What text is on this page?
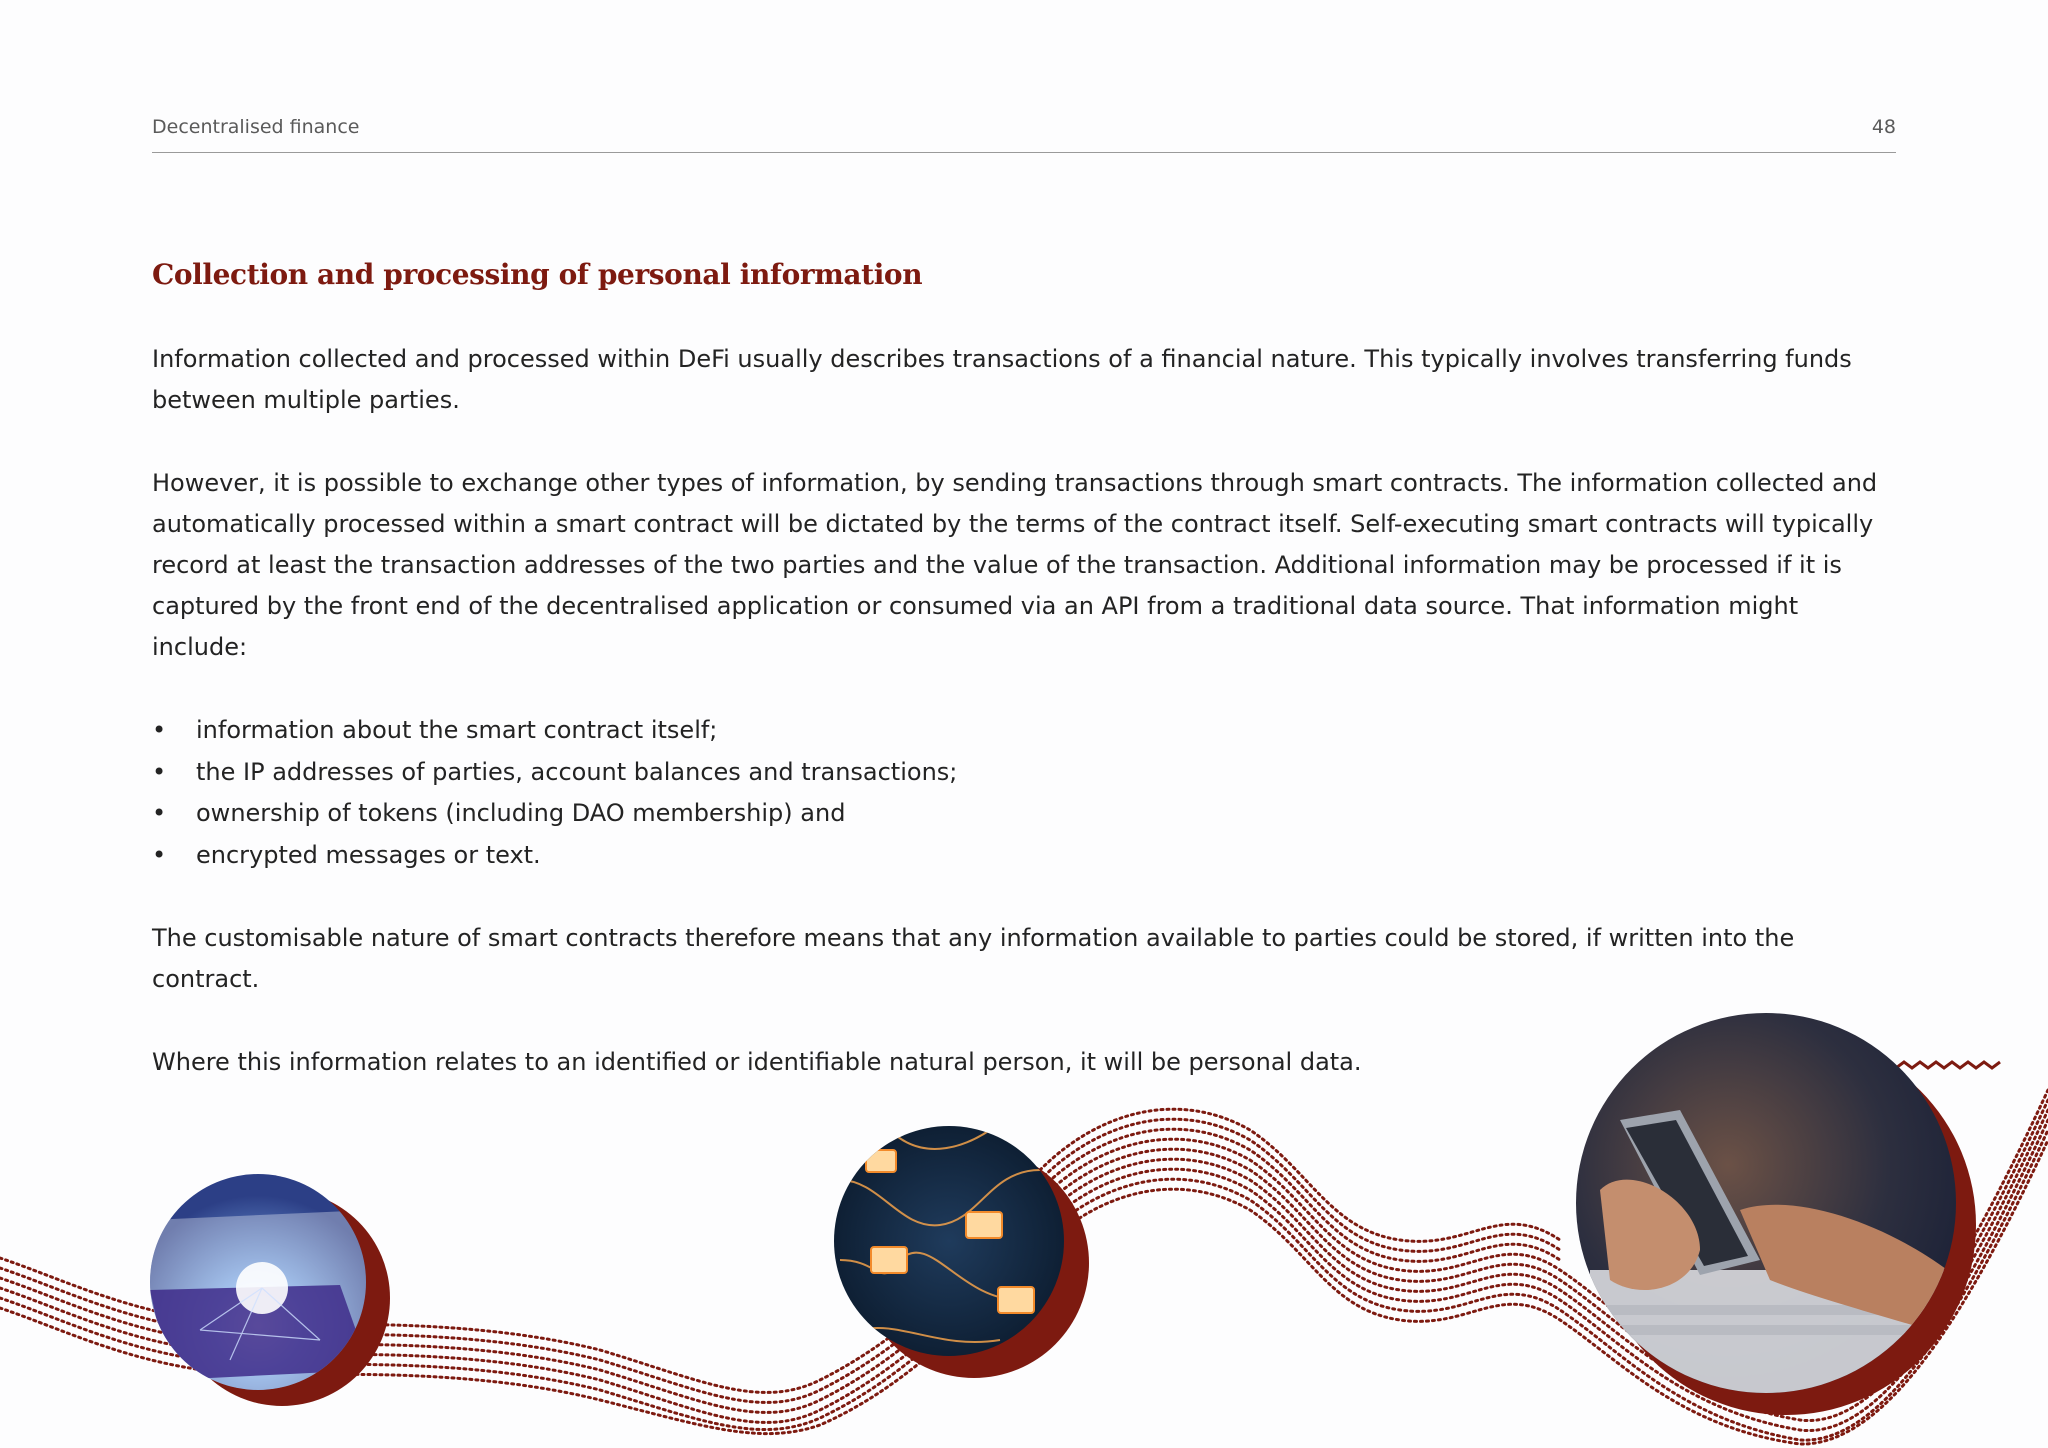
Decentralised finance	48
Collection and processing of personal information

Information collected and processed within DeFi usually describes transactions of a financial nature. This typically involves transferring funds between multiple parties.

However, it is possible to exchange other types of information, by sending transactions through smart contracts. The information collected and automatically processed within a smart contract will be dictated by the terms of the contract itself. Self-executing smart contracts will typically record at least the transaction addresses of the two parties and the value of the transaction. Additional information may be processed if it is captured by the front end of the decentralised application or consumed via an API from a traditional data source. That information might include:

• information about the smart contract itself;
• the IP addresses of parties, account balances and transactions;
• ownership of tokens (including DAO membership) and
• encrypted messages or text.

The customisable nature of smart contracts therefore means that any information available to parties could be stored, if written into the contract.

Where this information relates to an identified or identifiable natural person, it will be personal data.
